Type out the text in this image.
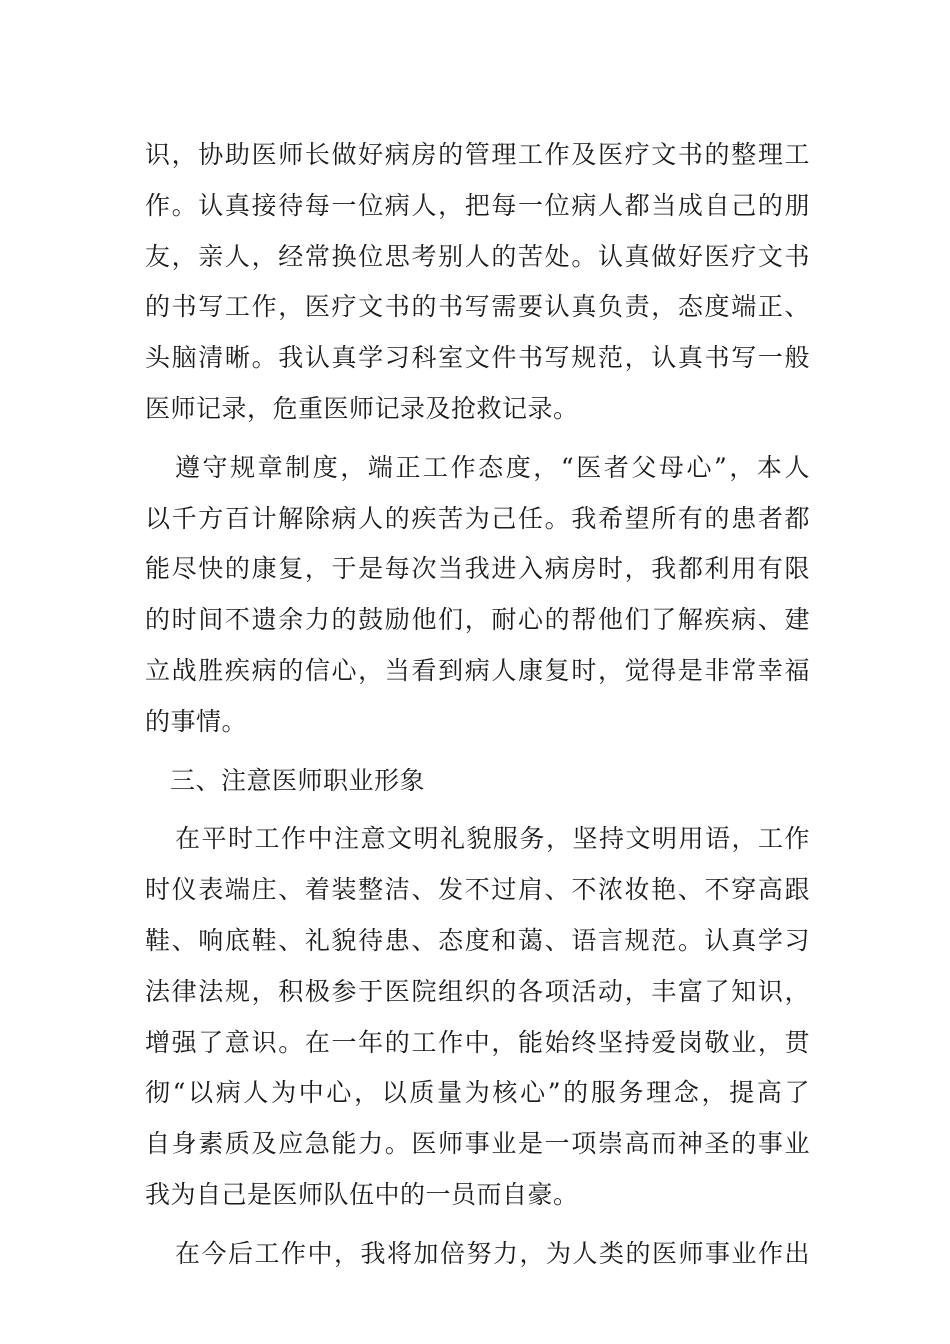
识，协助医师长做好病房的管理工作及医疗文书的整理工
作。认真接待每一位病人，把每一位病人都当成自己的朋
友，亲人，经常换位思考别人的苦处。认真做好医疗文书
的书写工作，医疗文书的书写需要认真负责，态度端正、
头脑清晰。我认真学习科室文件书写规范，认真书写一般
医师记录，危重医师记录及抢救记录。
遵守规章制度，端正工作态度，“医者父母心”，本人
以千方百计解除病人的疾苦为己任。我希望所有的患者都
能尽快的康复，于是每次当我进入病房时，我都利用有限
的时间不遗余力的鼓励他们，耐心的帮他们了解疾病、建
立战胜疾病的信心，当看到病人康复时，觉得是非常幸福
的事情。
三、注意医师职业形象
在平时工作中注意文明礼貌服务，坚持文明用语，工作
时仪表端庄、着装整洁、发不过肩、不浓妆艳、不穿高跟
鞋、响底鞋、礼貌待患、态度和蔼、语言规范。认真学习
法律法规，积极参于医院组织的各项活动，丰富了知识，
增强了意识。在一年的工作中，能始终坚持爱岗敬业，贯
彻“以病人为中心，以质量为核心”的服务理念，提高了
自身素质及应急能力。医师事业是一项崇高而神圣的事业
我为自己是医师队伍中的一员而自豪。
在今后工作中，我将加倍努力，为人类的医师事业作出
